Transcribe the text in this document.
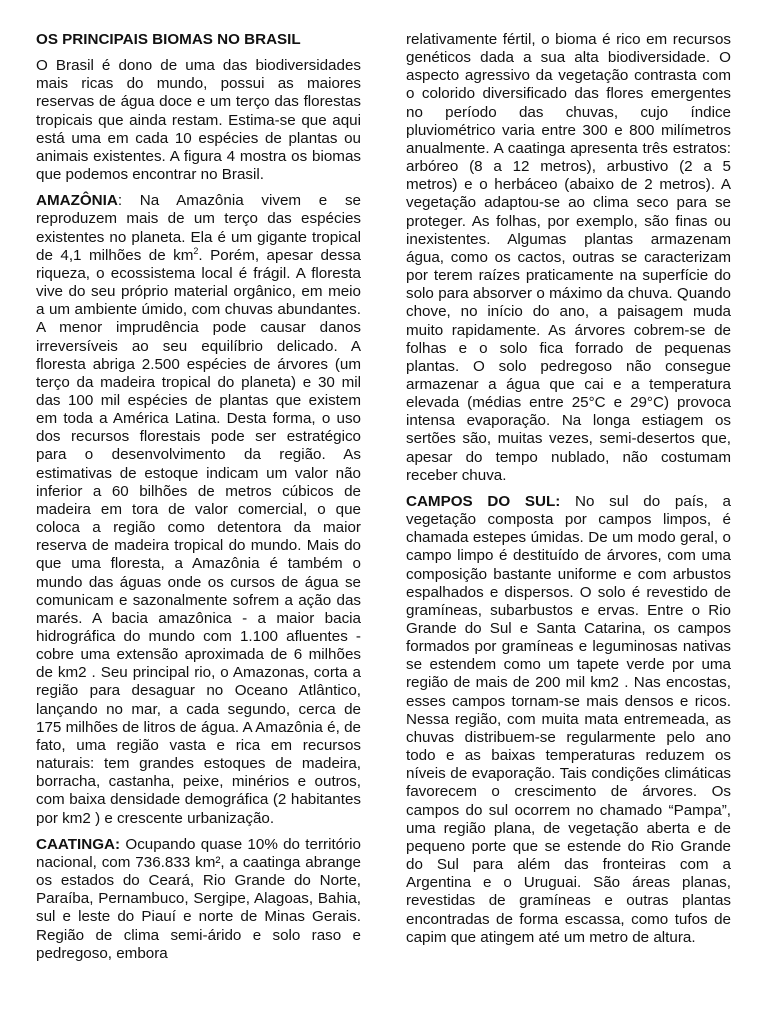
OS PRINCIPAIS BIOMAS NO BRASIL

O Brasil é dono de uma das biodiversidades mais ricas do mundo, possui as maiores reservas de água doce e um terço das florestas tropicais que ainda restam. Estima-se que aqui está uma em cada 10 espécies de plantas ou animais existentes. A figura 4 mostra os biomas que podemos encontrar no Brasil.

AMAZÔNIA: Na Amazônia vivem e se reproduzem mais de um terço das espécies existentes no planeta. Ela é um gigante tropical de 4,1 milhões de $km^2$. Porém, apesar dessa riqueza, o ecossistema local é frágil. A floresta vive do seu próprio material orgânico, em meio a um ambiente úmido, com chuvas abundantes. A menor imprudência pode causar danos irreversíveis ao seu equilíbrio delicado. A floresta abriga 2.500 espécies de árvores (um terço da madeira tropical do planeta) e 30 mil das 100 mil espécies de plantas que existem em toda a América Latina. Desta forma, o uso dos recursos florestais pode ser estratégico para o desenvolvimento da região. As estimativas de estoque indicam um valor não inferior a 60 bilhões de metros cúbicos de madeira em tora de valor comercial, o que coloca a região como detentora da maior reserva de madeira tropical do mundo. Mais do que uma floresta, a Amazônia é também o mundo das águas onde os cursos de água se comunicam e sazonalmente sofrem a ação das marés. A bacia amazônica - a maior bacia hidrográfica do mundo com 1.100 afluentes - cobre uma extensão aproximada de 6 milhões de km2 . Seu principal rio, o Amazonas, corta a região para desaguar no Oceano Atlântico, lançando no mar, a cada segundo, cerca de 175 milhões de litros de água. A Amazônia é, de fato, uma região vasta e rica em recursos naturais: tem grandes estoques de madeira, borracha, castanha, peixe, minérios e outros, com baixa densidade demográfica (2 habitantes por km2 ) e crescente urbanização.

CAATINGA: Ocupando quase 10% do território nacional, com 736.833 km², a caatinga abrange os estados do Ceará, Rio Grande do Norte, Paraíba, Pernambuco, Sergipe, Alagoas, Bahia, sul e leste do Piauí e norte de Minas Gerais. Região de clima semi-árido e solo raso e pedregoso, embora

relativamente fértil, o bioma é rico em recursos genéticos dada a sua alta biodiversidade. O aspecto agressivo da vegetação contrasta com o colorido diversificado das flores emergentes no período das chuvas, cujo índice pluviométrico varia entre 300 e 800 milímetros anualmente. A caatinga apresenta três estratos: arbóreo (8 a 12 metros), arbustivo (2 a 5 metros) e o herbáceo (abaixo de 2 metros). A vegetação adaptou-se ao clima seco para se proteger. As folhas, por exemplo, são finas ou inexistentes. Algumas plantas armazenam água, como os cactos, outras se caracterizam por terem raízes praticamente na superfície do solo para absorver o máximo da chuva. Quando chove, no início do ano, a paisagem muda muito rapidamente. As árvores cobrem-se de folhas e o solo fica forrado de pequenas plantas. O solo pedregoso não consegue armazenar a água que cai e a temperatura elevada (médias entre 25°C e 29°C) provoca intensa evaporação. Na longa estiagem os sertões são, muitas vezes, semi-desertos que, apesar do tempo nublado, não costumam receber chuva.

CAMPOS DO SUL: No sul do país, a vegetação composta por campos limpos, é chamada estepes úmidas. De um modo geral, o campo limpo é destituído de árvores, com uma composição bastante uniforme e com arbustos espalhados e dispersos. O solo é revestido de gramíneas, subarbustos e ervas. Entre o Rio Grande do Sul e Santa Catarina, os campos formados por gramíneas e leguminosas nativas se estendem como um tapete verde por uma região de mais de 200 mil km2 . Nas encostas, esses campos tornam-se mais densos e ricos. Nessa região, com muita mata entremeada, as chuvas distribuem-se regularmente pelo ano todo e as baixas temperaturas reduzem os níveis de evaporação. Tais condições climáticas favorecem o crescimento de árvores. Os campos do sul ocorrem no chamado “Pampa”, uma região plana, de vegetação aberta e de pequeno porte que se estende do Rio Grande do Sul para além das fronteiras com a Argentina e o Uruguai. São áreas planas, revestidas de gramíneas e outras plantas encontradas de forma escassa, como tufos de capim que atingem até um metro de altura.
